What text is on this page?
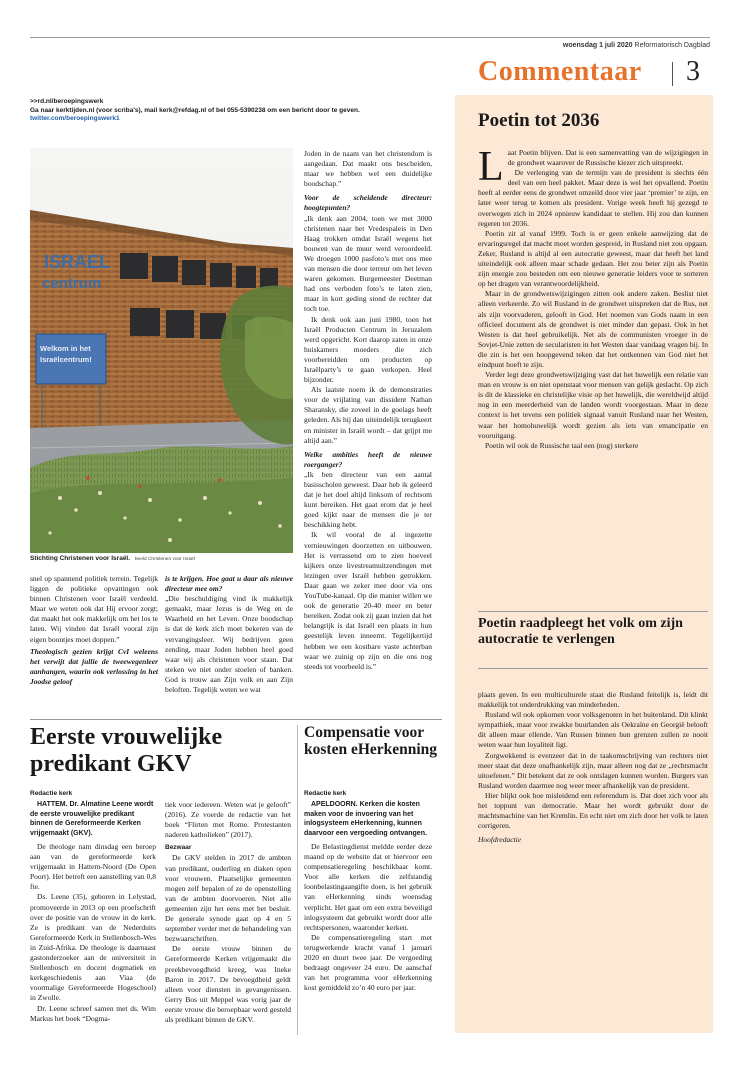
woensdag 1 juli 2020 Reformatorisch Dagblad
Commentaar 3
>>rd.nl/beroepingswerk
Ga naar kerktijden.nl (voor scriba's), mail kerk@refdag.nl of bel 055-5390238 om een bericht door te geven.
twitter.com/beroepingswerk1
ISRAEL
centrum
Welkom in het
Israëlcentrum!
Stichting Christenen voor Israël. beeld Christenen voor Israël

snel op spannend politiek terrein. Tegelijk liggen de politieke opvattingen ook binnen Christenen voor Israël verdeeld. Maar we weten ook dat Hij ervoor zorgt; dat maakt het ook makkelijk om het los te laten. Wij vinden dat Israël vooral zijn eigen boontjes moet doppen.”

Theologisch gezien krijgt CvI weleens het verwijt dat jullie de tweewegenleer aanhangen, waarin ook verlossing in het Joodse geloof

is te krijgen. Hoe gaat u daar als nieuwe directeur mee om?

„Die beschuldiging vind ik makkelijk gemaakt, maar Jezus is de Weg en de Waarheid en het Leven. Onze boodschap is dat de kerk zich moet bekeren van de vervangingsleer. Wij bedrijven geen zending, maar Joden hebben heel goed waar wij als christenen voor staan. Dat steken we niet onder stoelen of banken. God is trouw aan Zijn volk en aan Zijn beloften. Tegelijk weten we wat

Joden in de naam van het christendom is aangedaan. Dat maakt ons bescheiden, maar we hebben wel een duidelijke boodschap.”

Voor de scheidende directeur: hoogtepunten?

„Ik denk aan 2004, toen we met 3000 christenen naar het Vredespaleis in Den Haag trokken omdat Israël wegens het bouwen van de muur werd veroordeeld. We droegen 1000 pasfoto’s met ons mee van mensen die door terreur om het leven waren gekomen. Burgemeester Deetman had ons verboden foto’s te laten zien, maar in kort geding stond de rechter dat toch toe.

Ik denk ook aan juni 1980, toen het Israël Producten Centrum in Jeruzalem werd opgericht. Kort daarop zaten in onze huiskamers moeders die zich voorbereidden om producten op Israëlparty’s te gaan verkopen. Heel bijzonder.

Als laatste noem ik de demonstraties voor de vrijlating van dissident Nathan Sharansky, die zoveel in de goelags heeft geleden. Als hij dan uiteindelijk terugkeert en minister in Israël wordt – dat grijpt me altijd aan.”

Welke ambities heeft de nieuwe roerganger?

„Ik ben directeur van een aantal basisscholen geweest. Daar heb ik geleerd dat je het doel altijd linksom of rechtsom kunt bereiken. Het gaat erom dat je heel goed kijkt naar de mensen die je ter beschikking hebt.

Ik wil vooral de al ingezette vernieuwingen doorzetten en uitbouwen. Het is verrassend om te zien hoeveel kijkers onze livestreamuitzendingen met lezingen over Israël hebben getrokken. Daar gaan we zeker mee door via ons YouTube-kanaal. Op die manier willen we ook de generatie 20-40 meer en beter bereiken. Zodat ook zij gaan inzien dat het belangrijk is dat Israël een plaats in hun geestelijk leven inneemt. Tegelijkertijd hebben we een kostbare vaste achterban waar we zuinig op zijn en die ons nog steeds tot voorbeeld is.”

Eerste vrouwelijke predikant GKV
Redactie kerk

HATTEM. Dr. Almatine Leene wordt de eerste vrouwelijke predikant binnen de Gereformeerde Kerken vrijgemaakt (GKV).

De theologe nam dinsdag een beroep aan van de gereformeerde kerk vrijgemaakt in Hattem-Noord (De Open Poort). Het betreft een aanstelling van 0,8 fte.

Ds. Leene (35), geboren in Lelystad, promoveerde in 2013 op een proefschrift over de positie van de vrouw in de kerk. Ze is predikant van de Nederduits Gereformeerde Kerk in Stellenbosch-Wes in Zuid-Afrika. De theologe is daarnaast gastonderzoeker aan de universiteit in Stellenbosch en docent dogmatiek en kerkgeschiedenis aan Viaa (de voormalige Gereformeerde Hogeschool) in Zwolle.

Dr. Leene schreef samen met ds. Wim Markus het boek “Dogma-

tiek voor iedereen. Weten wat je gelooft” (2016). Ze voerde de redactie van het boek “Flirten met Rome. Protestanten naderen katholieken” (2017).

Bezwaar

De GKV stelden in 2017 de ambten van predikant, ouderling en diaken open voor vrouwen. Plaatselijke gemeenten mogen zelf bepalen of ze de openstelling van de ambten doorvoeren. Niet alle gemeenten zijn het eens met het besluit. De generale synode gaat op 4 en 5 september verder met de behandeling van bezwaarschriften.

De eerste vrouw binnen de Gereformeerde Kerken vrijgemaakt die preekbevoegdheid kreeg, was Ineke Baron in 2017. De bevoegdheid geldt alleen voor diensten in gevangenissen. Gerry Bos uit Meppel was vorig jaar de eerste vrouw die beroepbaar werd gesteld als predikant binnen de GKV.

Compensatie voor kosten eHerkenning
Redactie kerk

APELDOORN. Kerken die kosten maken voor de invoering van het inlogsysteem eHerkenning, kunnen daarvoor een vergoeding ontvangen.

De Belastingdienst meldde eerder deze maand op de website dat er hiervoor een compensatieregeling beschikbaar komt. Voor alle kerken die zelfstandig loonbelastingaangifte doen, is het gebruik van eHerkenning sinds woensdag verplicht. Het gaat om een extra beveiligd inlogsysteem dat gebruikt wordt door alle rechtspersonen, waaronder kerken.

De compensatieregeling start met terugwerkende kracht vanaf 1 januari 2020 en duurt twee jaar. De vergoeding bedraagt ongeveer 24 euro. De aanschaf van het programma voor eHerkenning kost gemiddeld zo’n 40 euro per jaar.

Poetin tot 2036
L aat Poetin blijven. Dat is een samenvatting van de wijzigingen in de grondwet waarover de Russische kiezer zich uitspreekt.

De verlenging van de termijn van de president is slechts één deel van een heel pakket. Maar deze is wel het opvallend. Poetin heeft al eerder eens de grondwet omzeild door vier jaar ‘premier’ te zijn, en later weer terug te komen als president. Vorige week heeft hij gezegd te overwegen zich in 2024 opnieuw kandidaat te stellen. Hij zou dan kunnen regeren tot 2036.

Poetin zit al vanaf 1999. Toch is er geen enkele aanwijzing dat de ervaringsregel dat macht moet worden gespreid, in Rusland niet zou opgaan. Zeker, Rusland is altijd al een autocratie geweest, maar dat heeft het land uiteindelijk ook alleen maar schade gedaan. Het zou beter zijn als Poetin zijn energie zou besteden om een nieuwe generatie leiders voor te sorteren op het dragen van verantwoordelijkheid.

Maar in de grondwetswijzigingen zitten ook andere zaken. Beslist niet alleen verkeerde. Zo wil Rusland in de grondwet uitspreken dat de Rus, net als zijn voorvaderen, gelooft in God. Het noemen van Gods naam in een officieel document als de grondwet is niet minder dan gepast. Ook in het Westen is dat heel gebruikelijk. Net als de communisten vroeger in de Sovjet-Unie zetten de secularisten in het Westen daar vandaag vragen bij. In die zin is het een hoopgevend teken dat het ontkennen van God niet het eindpunt hoeft te zijn.

Verder legt deze grondwetswijziging vast dat het huwelijk een relatie van man en vrouw is en niet openstaat voor mensen van gelijk geslacht. Op zich is dit de klassieke en christelijke visie op het huwelijk, die wereldwijd altijd nog in een meerderheid van de landen wordt voorgestaan. Maar in deze context is het tevens een politiek signaal vanuit Rusland naar het Westen, waar het homohuwelijk wordt gezien als iets van emancipatie en vooruitgang.

Poetin wil ook de Russische taal een (nog) sterkere

Poetin raadpleegt het volk om zijn autocratie te verlengen

plaats geven. In een multiculturele staat die Rusland feitelijk is, leidt dit makkelijk tot onderdrukking van minderheden.

Rusland wil ook opkomen voor volksgenoten in het buitenland. Dit klinkt sympathiek, maar voor zwakke buurlanden als Oekraïne en Georgië belooft dit alleen maar ellende. Van Russen binnen hun grenzen zullen ze nooit weten waar hun loyaliteit ligt.

Zorgwekkend is evenzeer dat in de taakomschrijving van rechters niet meer staat dat deze onafhankelijk zijn, maar alleen nog dat ze „rechtsmacht uitoefenen.” Dit betekent dat ze ook ontslagen kunnen worden. Burgers van Rusland worden daarmee nog weer meer afhankelijk van de president.

Hier blijkt ook hoe misleidend een referendum is. Dat doet zich voor als het toppunt van democratie. Maar het wordt gebruikt door de machtsmachine van het Kremlin. En echt niet om zich door het volk te laten corrigeren.

Hoofdredactie
